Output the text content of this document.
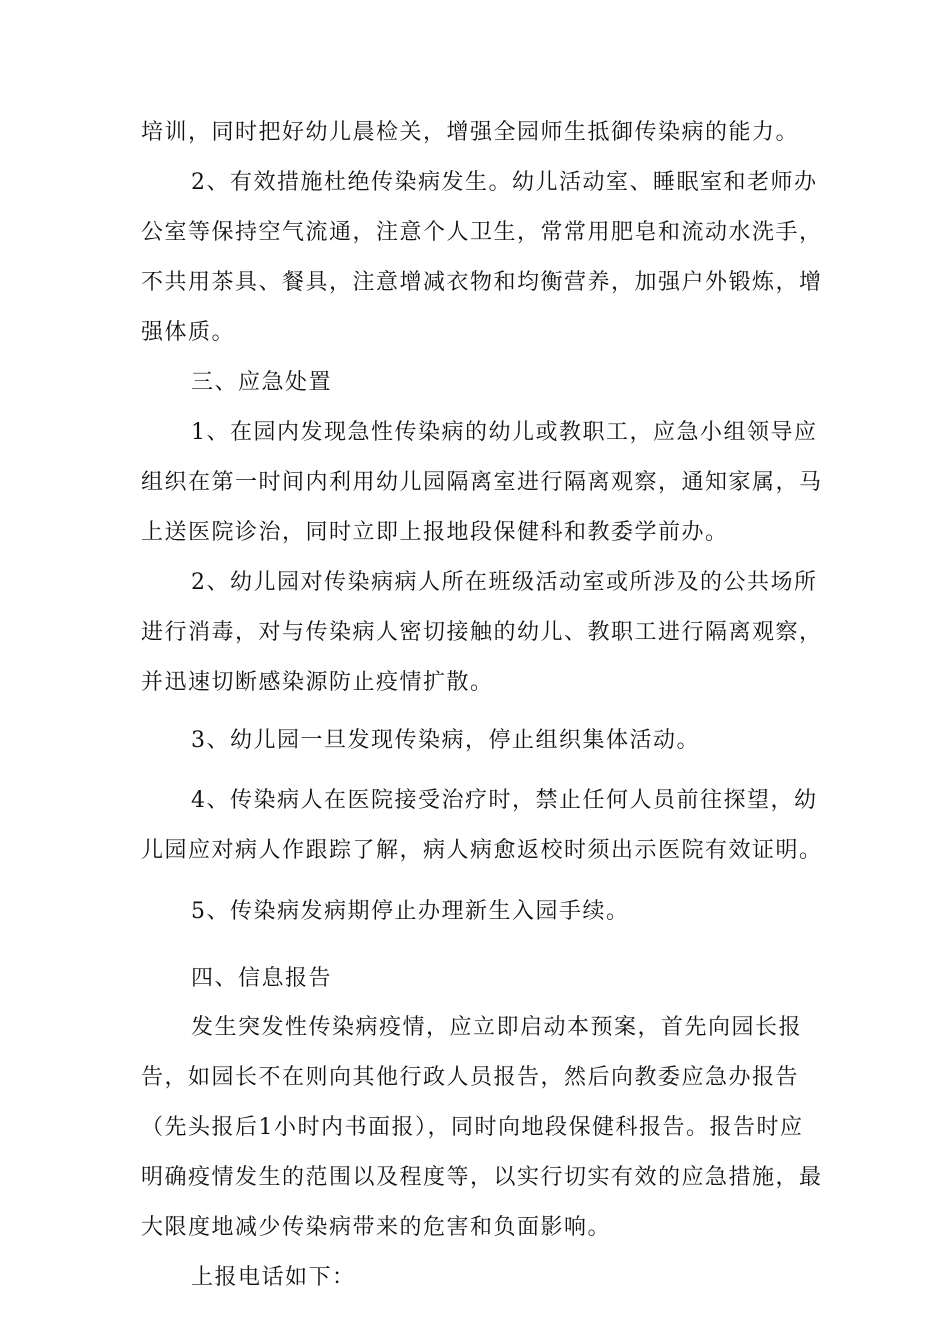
培训，同时把好幼儿晨检关，增强全园师生抵御传染病的能力。
2、有效措施杜绝传染病发生。幼儿活动室、睡眠室和老师办
公室等保持空气流通，注意个人卫生，常常用肥皂和流动水洗手，
不共用茶具、餐具，注意增减衣物和均衡营养，加强户外锻炼，增
强体质。
三、应急处置
1、在园内发现急性传染病的幼儿或教职工，应急小组领导应
组织在第一时间内利用幼儿园隔离室进行隔离观察，通知家属，马
上送医院诊治，同时立即上报地段保健科和教委学前办。
2、幼儿园对传染病病人所在班级活动室或所涉及的公共场所
进行消毒，对与传染病人密切接触的幼儿、教职工进行隔离观察，
并迅速切断感染源防止疫情扩散。
3、幼儿园一旦发现传染病，停止组织集体活动。
4、传染病人在医院接受治疗时，禁止任何人员前往探望，幼
儿园应对病人作跟踪了解，病人病愈返校时须出示医院有效证明。
5、传染病发病期停止办理新生入园手续。
四、信息报告
发生突发性传染病疫情，应立即启动本预案，首先向园长报
告，如园长不在则向其他行政人员报告，然后向教委应急办报告
（先头报后1小时内书面报），同时向地段保健科报告。报告时应
明确疫情发生的范围以及程度等，以实行切实有效的应急措施，最
大限度地减少传染病带来的危害和负面影响。
上报电话如下：
